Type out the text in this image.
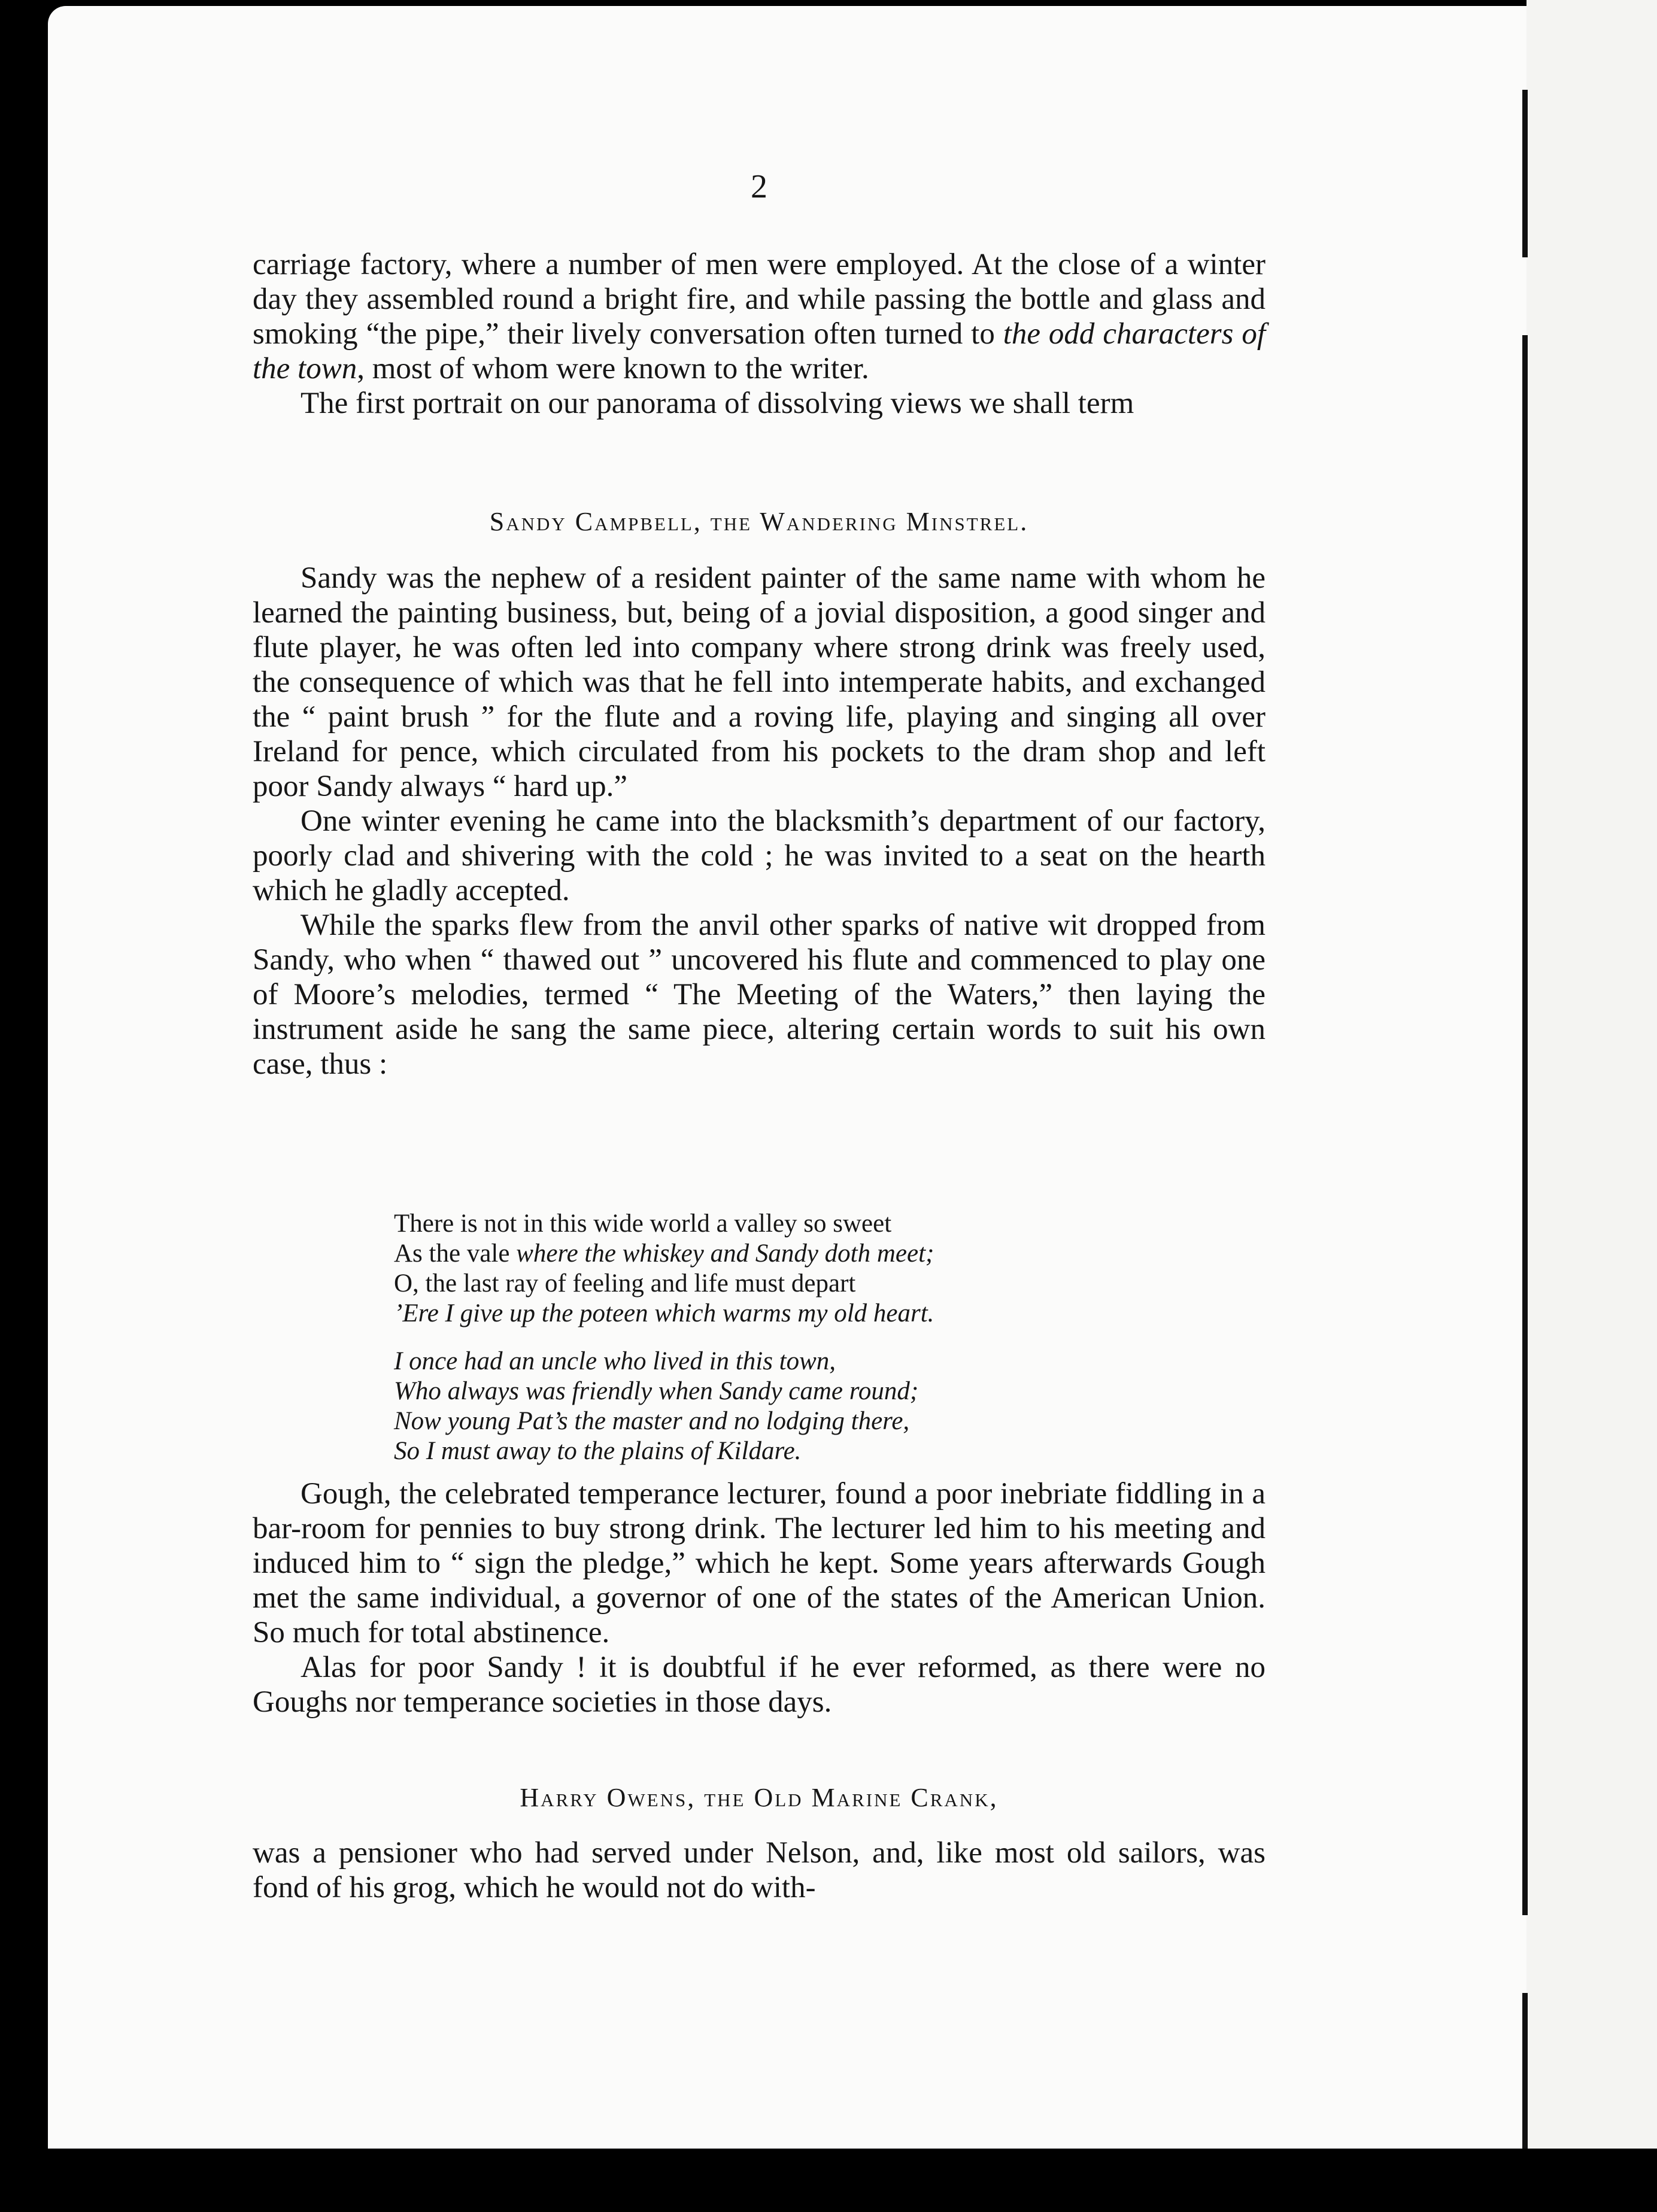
2

carriage factory, where a number of men were employed. At the close of a winter day they assembled round a bright fire, and while passing the bottle and glass and smoking “the pipe,” their lively conversation often turned to the odd characters of the town, most of whom were known to the writer.

The first portrait on our panorama of dissolving views we shall term

Sandy Campbell, the Wandering Minstrel.

Sandy was the nephew of a resident painter of the same name with whom he learned the painting business, but, being of a jovial disposition, a good singer and flute player, he was often led into company where strong drink was freely used, the consequence of which was that he fell into intemperate habits, and exchanged the “ paint brush ” for the flute and a roving life, playing and singing all over Ireland for pence, which circulated from his pockets to the dram shop and left poor Sandy always “ hard up.”

One winter evening he came into the blacksmith’s department of our factory, poorly clad and shivering with the cold ; he was invited to a seat on the hearth which he gladly accepted.

While the sparks flew from the anvil other sparks of native wit dropped from Sandy, who when “ thawed out ” uncovered his flute and commenced to play one of Moore’s melodies, termed “ The Meeting of the Waters,” then laying the instrument aside he sang the same piece, altering certain words to suit his own case, thus :

There is not in this wide world a valley so sweet
As the vale where the whiskey and Sandy doth meet;
O, the last ray of feeling and life must depart
’Ere I give up the poteen which warms my old heart.
I once had an uncle who lived in this town,
Who always was friendly when Sandy came round;
Now young Pat’s the master and no lodging there,
So I must away to the plains of Kildare.

Gough, the celebrated temperance lecturer, found a poor inebriate fiddling in a bar-room for pennies to buy strong drink. The lecturer led him to his meeting and induced him to “ sign the pledge,” which he kept. Some years afterwards Gough met the same individual, a governor of one of the states of the American Union. So much for total abstinence.

Alas for poor Sandy ! it is doubtful if he ever reformed, as there were no Goughs nor temperance societies in those days.

Harry Owens, the Old Marine Crank,

was a pensioner who had served under Nelson, and, like most old sailors, was fond of his grog, which he would not do with-
